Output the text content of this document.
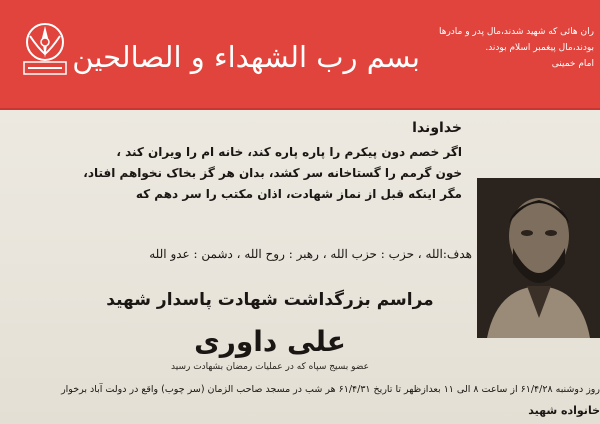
بسم رب الشهداء و الصالحین
ران هائی که شهید شدند،مال پدر و مادرها
بودند،مال پیغمبر اسلام بودند.
امام خمینی
خداوندا
اگر خصم دون پیکرم را پاره پاره کند، خانه ام را ویران کند ،
خون گرمم را گستاخانه سر کشد، بدان هر گز بخاک نخواهم افتاد،
مگر اینکه قبل از نماز شهادت، اذان مکتب را سر دهم که
هدف:الله ، حزب : حزب الله ، رهبر : روح الله ، دشمن : عدو الله
مراسم بزرگداشت شهادت پاسدار شهید
علی داوری
عضو بسیج سپاه که در عملیات رمضان بشهادت رسید
روز دوشنبه ۶۱/۴/۲۸ از ساعت ۸ الی ۱۱ بعدازظهر تا تاریخ ۶۱/۴/۳۱ هر شب در مسجد صاحب الزمان (سر چوب) واقع در دولت آباد برخوار
خانواده شهید
